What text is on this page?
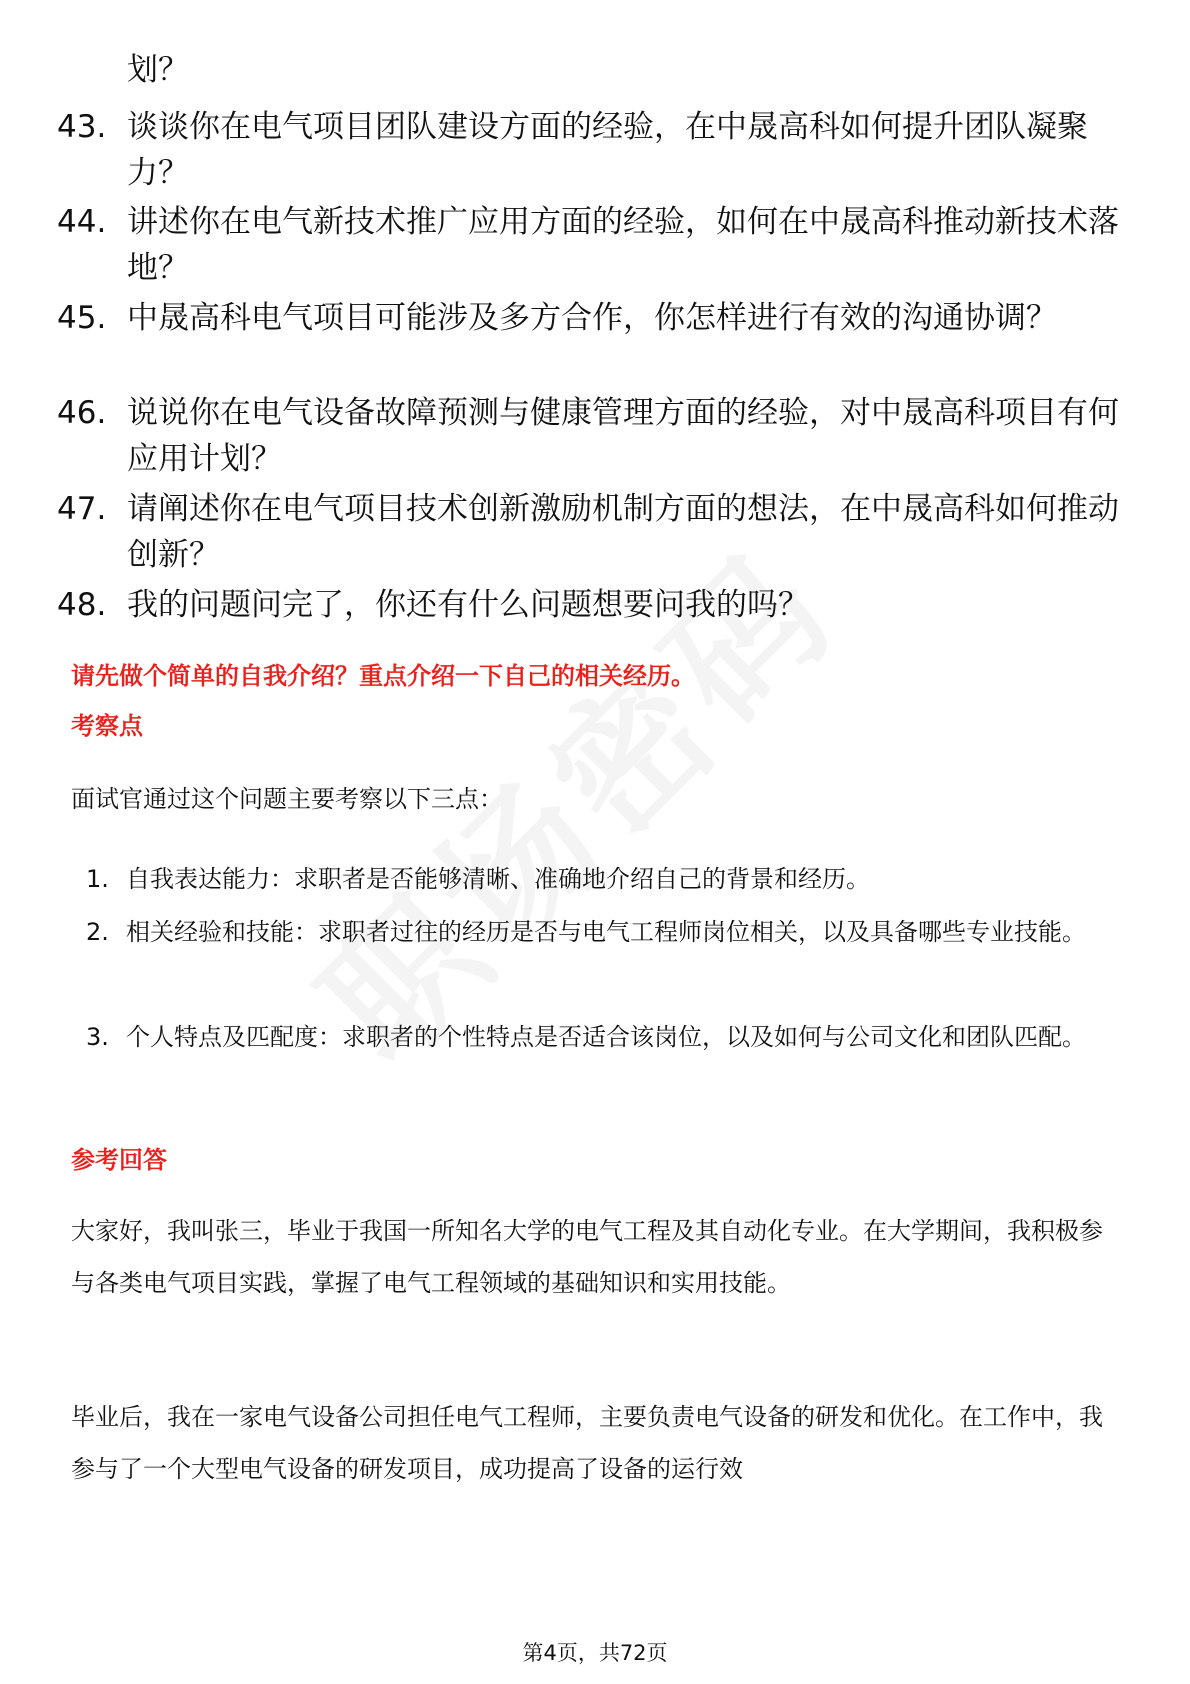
划？
43. 谈谈你在电气项目团队建设方面的经验，在中晟高科如何提升团队凝聚力？
44. 讲述你在电气新技术推广应用方面的经验，如何在中晟高科推动新技术落地？
45. 中晟高科电气项目可能涉及多方合作，你怎样进行有效的沟通协调？
46. 说说你在电气设备故障预测与健康管理方面的经验，对中晟高科项目有何应用计划？
47. 请阐述你在电气项目技术创新激励机制方面的想法，在中晟高科如何推动创新？
48. 我的问题问完了，你还有什么问题想要问我的吗？
请先做个简单的自我介绍？重点介绍一下自己的相关经历。
考察点
面试官通过这个问题主要考察以下三点：
1. 自我表达能力：求职者是否能够清晰、准确地介绍自己的背景和经历。
2. 相关经验和技能：求职者过往的经历是否与电气工程师岗位相关，以及具备哪些专业技能。
3. 个人特点及匹配度：求职者的个性特点是否适合该岗位，以及如何与公司文化和团队匹配。
参考回答
大家好，我叫张三，毕业于我国一所知名大学的电气工程及其自动化专业。在大学期间，我积极参与各类电气项目实践，掌握了电气工程领域的基础知识和实用技能。
毕业后，我在一家电气设备公司担任电气工程师，主要负责电气设备的研发和优化。在工作中，我参与了一个大型电气设备的研发项目，成功提高了设备的运行效
第4页，共72页
